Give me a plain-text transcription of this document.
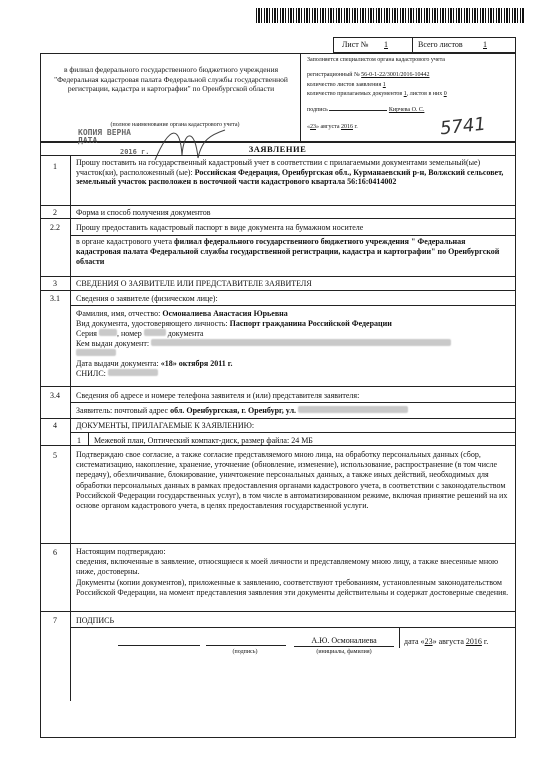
Лист № 1	Всего листов	1
в филиал федерального государственного бюджетного учреждения "Федеральная кадастровая палата Федеральной службы государственной регистрации, кадастра и картографии" по Оренбургской области
(полное наименование органа кадастрового учета)
Заполняется специалистом органа кадастрового учета
регистрационный № 56-0-1-22/3001/2016-10442
количество листов заявления 1
количество прилагаемых документов 1, листов в них 0
подпись	Кирчева О. С.
«23» августа 2016 г.	5741
КОПИЯ ВЕРНА
ДАТА
2016 г.	ЗАЯВЛЕНИЕ
1	Прошу поставить на государственный кадастровый учет в соответствии с прилагаемыми документами земельный(ые) участок(ки), расположенный (ые): Российская Федерация, Оренбургская обл., Курманаевский р-н, Волжский сельсовет, земельный участок расположен в восточной части кадастрового квартала 56:16:0414002
2	Форма и способ получения документов
2.2	Прошу предоставить кадастровый паспорт в виде документа на бумажном носителе
в органе кадастрового учета филиал федерального государственного бюджетного учреждения " Федеральная кадастровая палата Федеральной службы государственной регистрации, кадастра и картографии" по Оренбургской области
3	СВЕДЕНИЯ О ЗАЯВИТЕЛЕ ИЛИ ПРЕДСТАВИТЕЛЕ ЗАЯВИТЕЛЯ
3.1	Сведения о заявителе (физическом лице):
Фамилия, имя, отчество: Осмоналиева Анастасия Юрьевна
Вид документа, удостоверяющего личность: Паспорт гражданина Российской Федерации
Серия	, номер	документа
Кем выдан документ:
Дата выдачи документа: «18» октября 2011 г.
СНИЛС:
3.4	Сведения об адресе и номере телефона заявителя и (или) представителя заявителя:
Заявитель: почтовый адрес обл. Оренбургская, г. Оренбург, ул.
4	ДОКУМЕНТЫ, ПРИЛАГАЕМЫЕ К ЗАЯВЛЕНИЮ:
1	Межевой план, Оптический компакт-диск, размер файла: 24 МБ
5	Подтверждаю свое согласие, а также согласие представляемого мною лица, на обработку персональных данных (сбор, систематизацию, накопление, хранение, уточнение (обновление, изменение), использование, распространение (в том числе передачу), обезличивание, блокирование, уничтожение персональных данных, а также иных действий, необходимых для обработки персональных данных в рамках предоставления органами кадастрового учета, в соответствии с законодательством Российской Федерации государственных услуг), в том числе в автоматизированном режиме, включая принятие решений на их основе органом кадастрового учета, в целях предоставления государственной услуги.
6	Настоящим подтверждаю:
сведения, включенные в заявление, относящиеся к моей личности и представляемому мною лицу, а также внесенные мною ниже, достоверны.
Документы (копии документов), приложенные к заявлению, соответствуют требованиям, установленным законодательством Российской Федерации, на момент представления заявления эти документы действительны и содержат достоверные сведения.
7	ПОДПИСЬ
(подпись)
А.Ю. Осмоналиева
(инициалы, фамилия)
дата «23» августа 2016 г.
